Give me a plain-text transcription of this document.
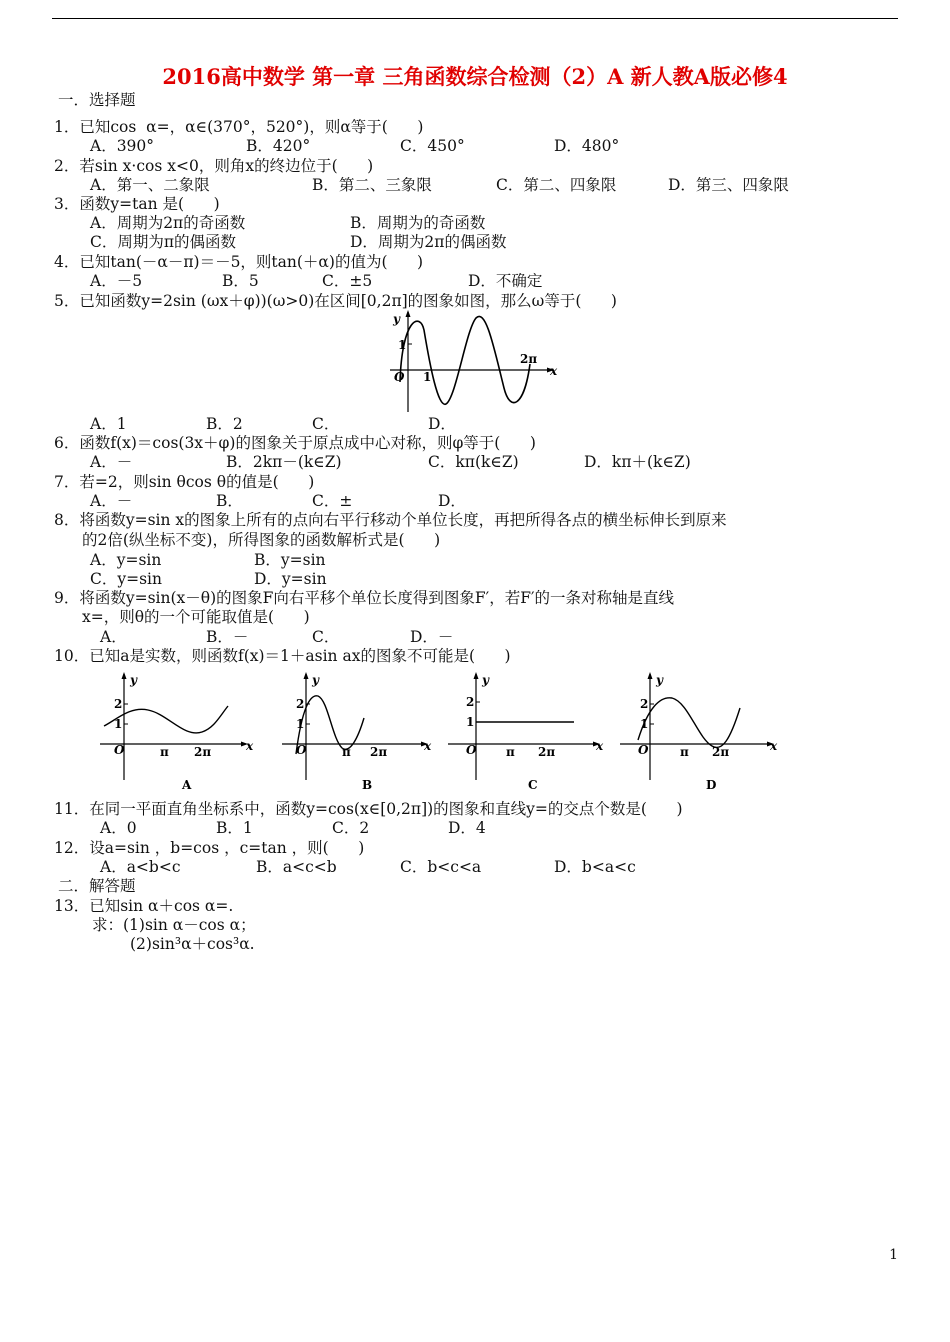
2016高中数学 第一章 三角函数综合检测（2）A 新人教A版必修4
一．选择题
1．已知cos  α=，α∈(370°，520°)，则α等于(      )
A．390°	B．420°	C．450°	D．480°
2．若sin x·cos x<0，则角x的终边位于(      )
A．第一、二象限	B．第二、三象限	C．第二、四象限	D．第三、四象限
3．函数y=tan 是(      )
A．周期为2π的奇函数	B．周期为的奇函数
C．周期为π的偶函数	D．周期为2π的偶函数
4．已知tan(－α－π)＝－5，则tan(＋α)的值为(      )
A．－5	B．5	C．±5	D．不确定
5．已知函数y=2sin (ωx＋φ))(ω>0)在区间[0,2π]的图象如图，那么ω等于(      )
y
1
O 1
2π
x
A．1	B．2	C．	D．
6．函数f(x)＝cos(3x＋φ)的图象关于原点成中心对称，则φ等于(      )
A．－	B．2kπ－(k∈Z)	C．kπ(k∈Z)	D．kπ＋(k∈Z)
7．若=2，则sin θcos θ的值是(      )
A．－	B．	C．±	D．
8．将函数y=sin x的图象上所有的点向右平行移动个单位长度，再把所得各点的横坐标伸长到原来
的2倍(纵坐标不变)，所得图象的函数解析式是(      )
A．y=sin	B．y=sin
C．y=sin	D．y=sin
9．将函数y=sin(x－θ)的图象F向右平移个单位长度得到图象F′，若F′的一条对称轴是直线
x=，则θ的一个可能取值是(      )
A．	B．－	C．	D．－
10．已知a是实数，则函数f(x)＝1＋asin ax的图象不可能是(      )
y
2
1
O	π 2π	x
A
y
2
1
O	π 2π	x
B
y
2
1
O π 2π	x
C
y
2
1
O	π 2π	x
D
11．在同一平面直角坐标系中，函数y=cos(x∈[0,2π])的图象和直线y=的交点个数是(      )
A．0	B．1	C．2	D．4
12．设a=sin ，b=cos ，c=tan ，则(      )
A．a<b<c	B．a<c<b	C．b<c<a	D．b<a<c
二．解答题
13．已知sin α＋cos α=.
求：(1)sin α－cos α；
(2)sin³α＋cos³α.
1
